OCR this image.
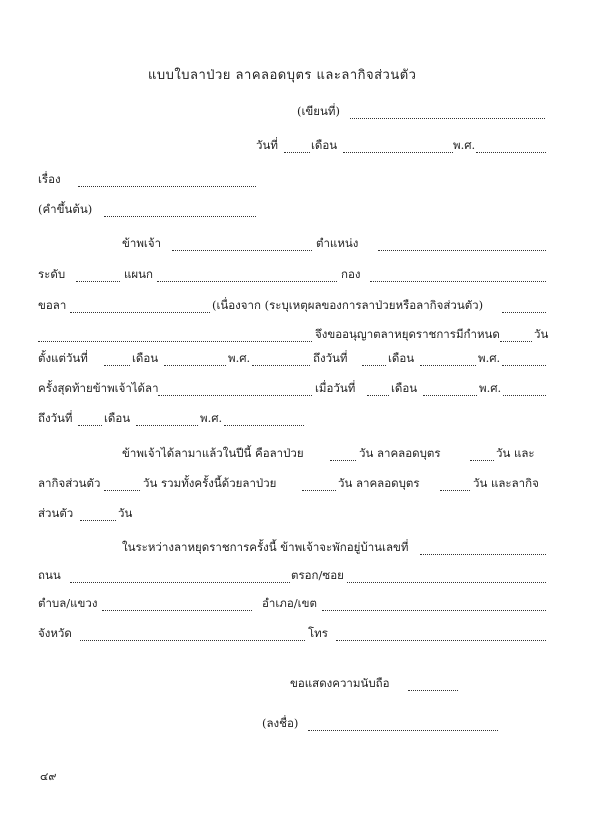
แบบใบลาป่วย ลาคลอดบุตร และลากิจส่วนตัว
(เขียนที่)
วันที่	เดือน	พ.ศ.
เรื่อง
(คำขึ้นต้น)
ข้าพเจ้า	ตำแหน่ง
ระดับ	แผนก	กอง
ขอลา	(เนื่องจาก (ระบุเหตุผลของการลาป่วยหรือลากิจส่วนตัว)
จึงขออนุญาตลาหยุดราชการมีกำหนด	วัน
ตั้งแต่วันที่	เดือน	พ.ศ.	ถึงวันที่	เดือน	พ.ศ.
ครั้งสุดท้ายข้าพเจ้าได้ลา	เมื่อวันที่	เดือน	พ.ศ.
ถึงวันที่	เดือน	พ.ศ.
ข้าพเจ้าได้ลามาแล้วในปีนี้ คือลาป่วย	วัน ลาคลอดบุตร	วัน และ
ลากิจส่วนตัว	วัน รวมทั้งครั้งนี้ด้วยลาป่วย	วัน ลาคลอดบุตร	วัน และลากิจ
ส่วนตัว	วัน
ในระหว่างลาหยุดราชการครั้งนี้ ข้าพเจ้าจะพักอยู่บ้านเลขที่
ถนน	ตรอก/ซอย
ตำบล/แขวง	อำเภอ/เขต
จังหวัด	โทร
ขอแสดงความนับถือ
(ลงชื่อ)
๔๙
